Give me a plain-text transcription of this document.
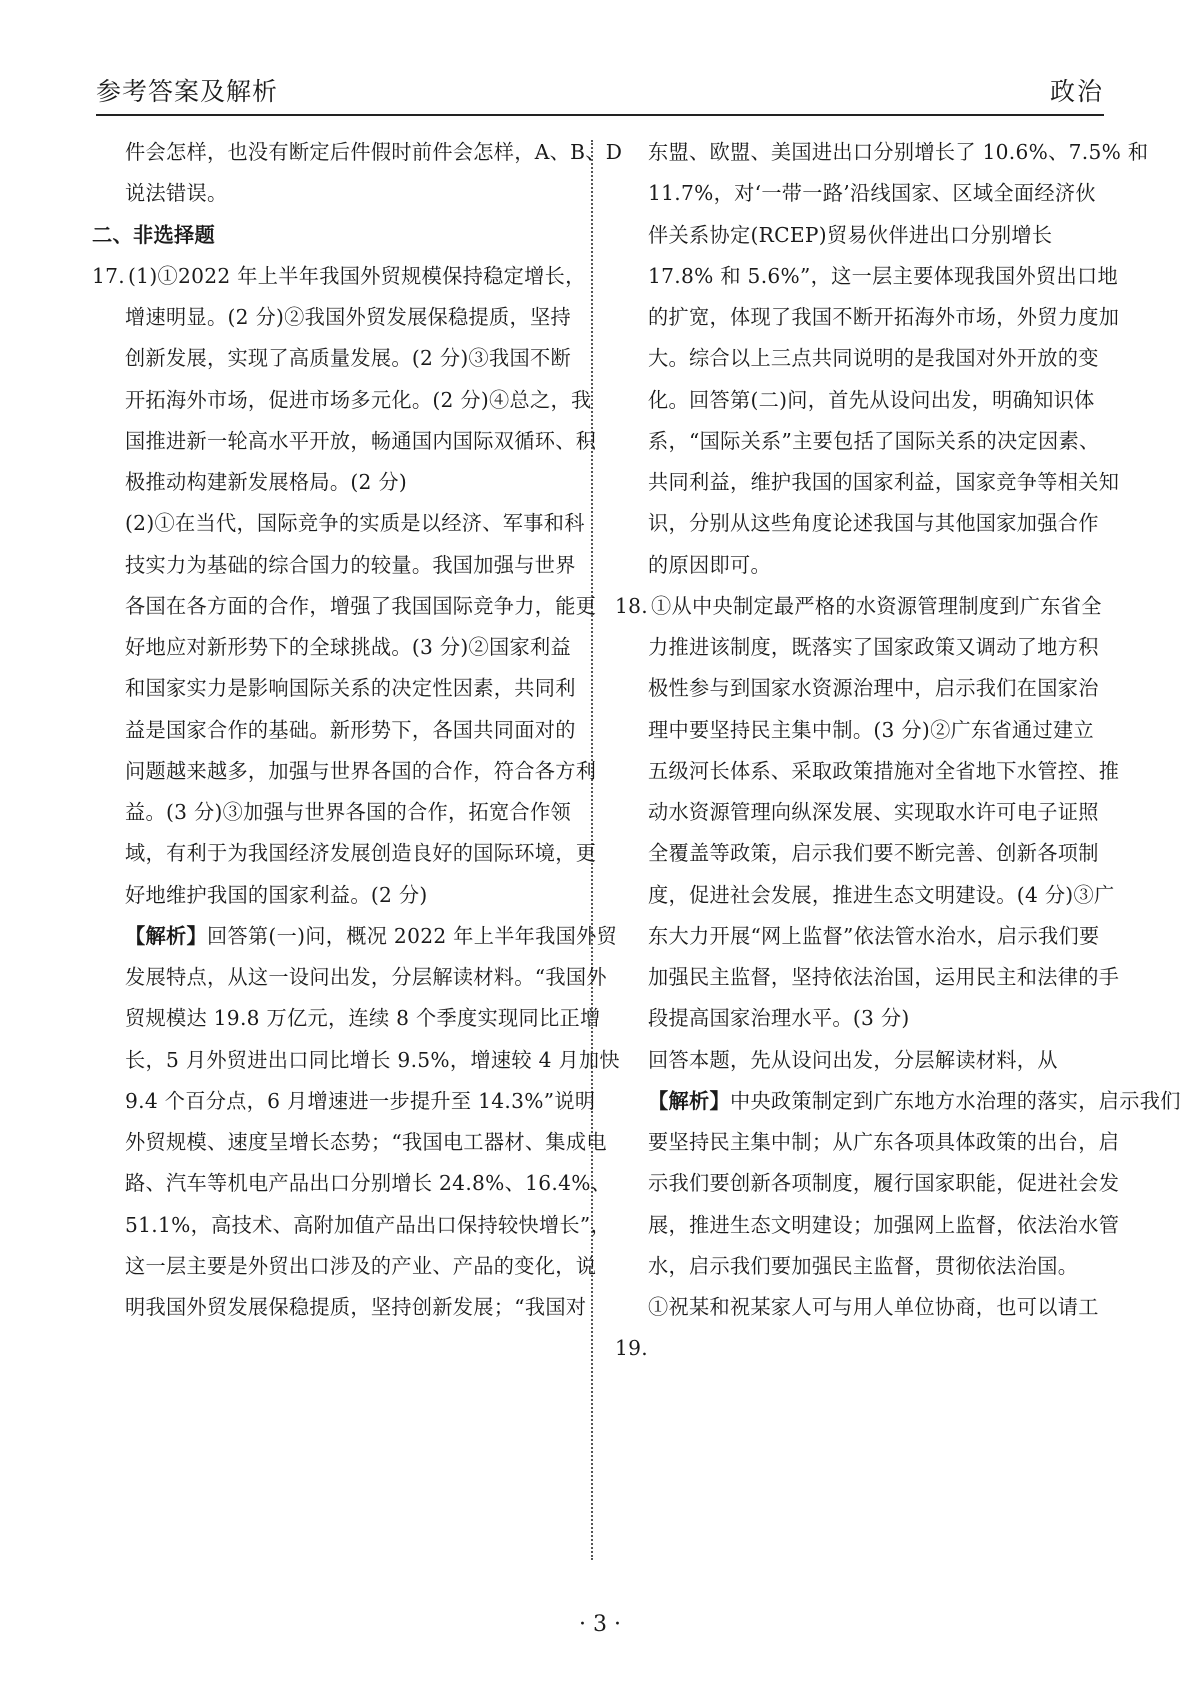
参考答案及解析	政治
件会怎样，也没有断定后件假时前件会怎样，A、B、D
说法错误。
二、非选择题
17. (1)①2022 年上半年我国外贸规模保持稳定增长，
增速明显。(2 分)②我国外贸发展保稳提质，坚持
创新发展，实现了高质量发展。(2 分)③我国不断
开拓海外市场，促进市场多元化。(2 分)④总之，我
国推进新一轮高水平开放，畅通国内国际双循环、积
极推动构建新发展格局。(2 分)
(2)①在当代，国际竞争的实质是以经济、军事和科
技实力为基础的综合国力的较量。我国加强与世界
各国在各方面的合作，增强了我国国际竞争力，能更
好地应对新形势下的全球挑战。(3 分)②国家利益
和国家实力是影响国际关系的决定性因素，共同利
益是国家合作的基础。新形势下，各国共同面对的
问题越来越多，加强与世界各国的合作，符合各方利
益。(3 分)③加强与世界各国的合作，拓宽合作领
域，有利于为我国经济发展创造良好的国际环境，更
好地维护我国的国家利益。(2 分)
【解析】回答第(一)问，概况 2022 年上半年我国外贸
发展特点，从这一设问出发，分层解读材料。“我国外
贸规模达 19.8 万亿元，连续 8 个季度实现同比正增
长，5 月外贸进出口同比增长 9.5%，增速较 4 月加快
9.4 个百分点，6 月增速进一步提升至 14.3%”说明
外贸规模、速度呈增长态势；“我国电工器材、集成电
路、汽车等机电产品出口分别增长 24.8%、16.4%、
51.1%，高技术、高附加值产品出口保持较快增长”，
这一层主要是外贸出口涉及的产业、产品的变化，说
明我国外贸发展保稳提质，坚持创新发展；“我国对
东盟、欧盟、美国进出口分别增长了 10.6%、7.5% 和
11.7%，对‘一带一路’沿线国家、区域全面经济伙
伴关系协定(RCEP)贸易伙伴进出口分别增长
17.8% 和 5.6%”，这一层主要体现我国外贸出口地
的扩宽，体现了我国不断开拓海外市场，外贸力度加
大。综合以上三点共同说明的是我国对外开放的变
化。回答第(二)问，首先从设问出发，明确知识体
系，“国际关系”主要包括了国际关系的决定因素、
共同利益，维护我国的国家利益，国家竞争等相关知
识，分别从这些角度论述我国与其他国家加强合作
的原因即可。
18. ①从中央制定最严格的水资源管理制度到广东省全
力推进该制度，既落实了国家政策又调动了地方积
极性参与到国家水资源治理中，启示我们在国家治
理中要坚持民主集中制。(3 分)②广东省通过建立
五级河长体系、采取政策措施对全省地下水管控、推
动水资源管理向纵深发展、实现取水许可电子证照
全覆盖等政策，启示我们要不断完善、创新各项制
度，促进社会发展，推进生态文明建设。(4 分)③广
东大力开展“网上监督”依法管水治水，启示我们要
加强民主监督，坚持依法治国，运用民主和法律的手
段提高国家治理水平。(3 分)
回答本题，先从设问出发，分层解读材料，从
【解析】中央政策制定到广东地方水治理的落实，启示我们
要坚持民主集中制；从广东各项具体政策的出台，启
示我们要创新各项制度，履行国家职能，促进社会发
展，推进生态文明建设；加强网上监督，依法治水管
水，启示我们要加强民主监督，贯彻依法治国。
①祝某和祝某家人可与用人单位协商，也可以请工
19.
· 3 ·
